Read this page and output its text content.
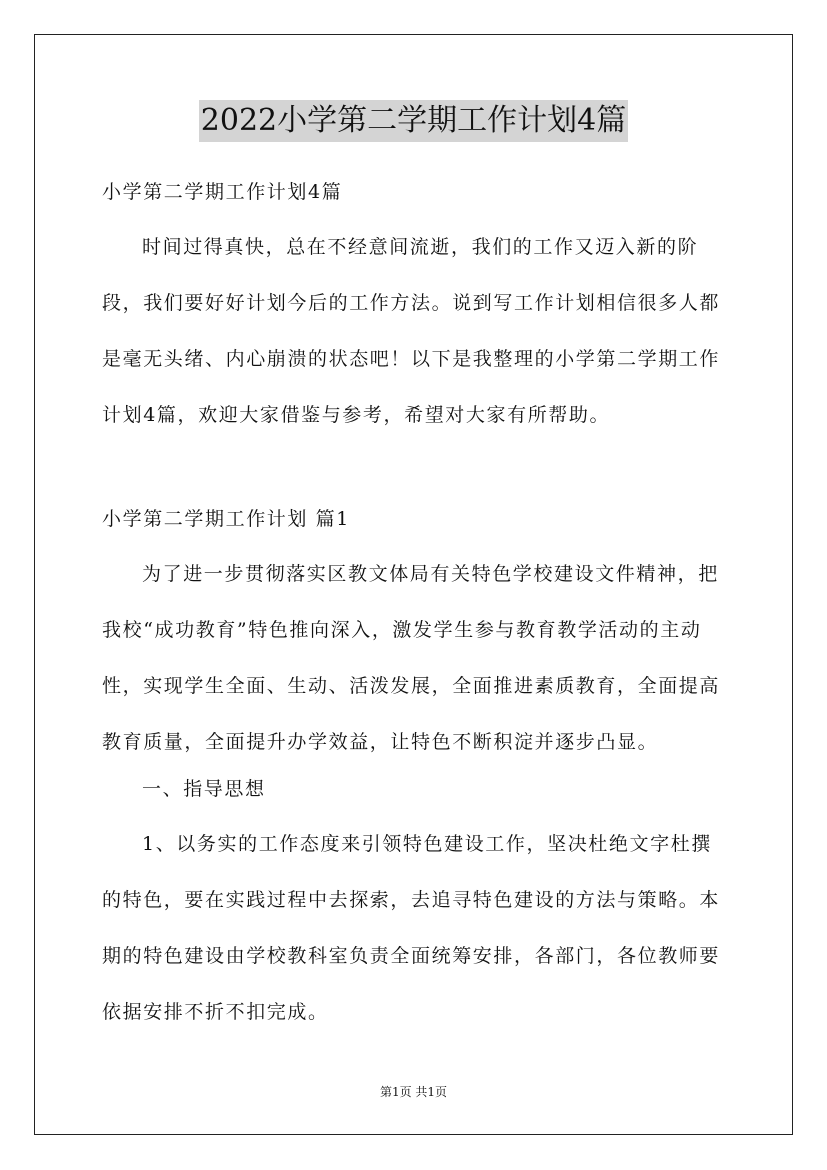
2022小学第二学期工作计划4篇

小学第二学期工作计划4篇

时间过得真快，总在不经意间流逝，我们的工作又迈入新的阶段，我们要好好计划今后的工作方法。说到写工作计划相信很多人都是毫无头绪、内心崩溃的状态吧！以下是我整理的小学第二学期工作计划4篇，欢迎大家借鉴与参考，希望对大家有所帮助。

小学第二学期工作计划 篇1

为了进一步贯彻落实区教文体局有关特色学校建设文件精神，把我校“成功教育”特色推向深入，激发学生参与教育教学活动的主动性，实现学生全面、生动、活泼发展，全面推进素质教育，全面提高教育质量，全面提升办学效益，让特色不断积淀并逐步凸显。

一、指导思想

1、以务实的工作态度来引领特色建设工作，坚决杜绝文字杜撰的特色，要在实践过程中去探索，去追寻特色建设的方法与策略。本期的特色建设由学校教科室负责全面统筹安排，各部门，各位教师要依据安排不折不扣完成。

第1页 共1页
